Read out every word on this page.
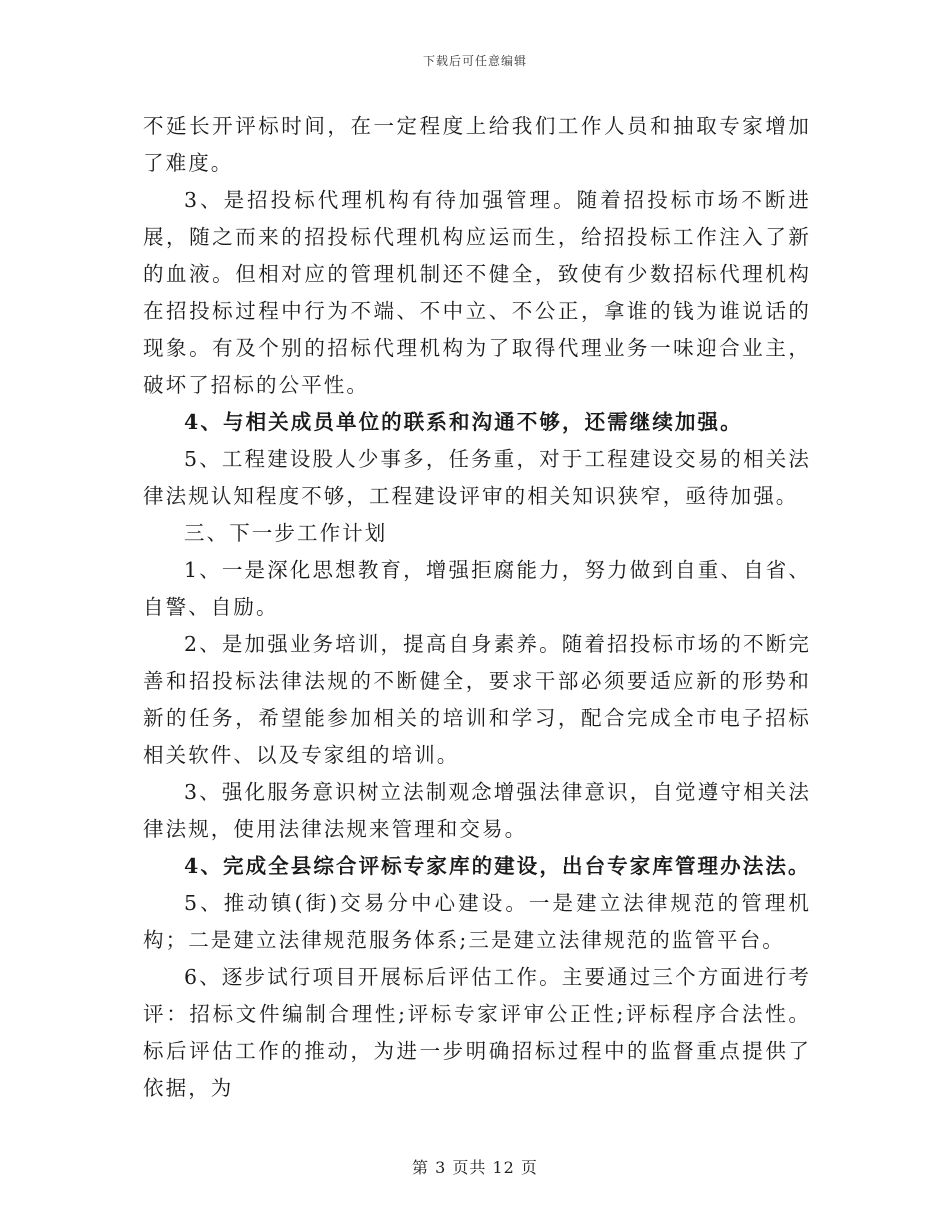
下载后可任意编辑

不延长开评标时间，在一定程度上给我们工作人员和抽取专家增加了难度。

3、是招投标代理机构有待加强管理。随着招投标市场不断进展，随之而来的招投标代理机构应运而生，给招投标工作注入了新的血液。但相对应的管理机制还不健全，致使有少数招标代理机构在招投标过程中行为不端、不中立、不公正，拿谁的钱为谁说话的现象。有及个别的招标代理机构为了取得代理业务一味迎合业主，破坏了招标的公平性。

4、与相关成员单位的联系和沟通不够，还需继续加强。

5、工程建设股人少事多，任务重，对于工程建设交易的相关法律法规认知程度不够，工程建设评审的相关知识狭窄，亟待加强。

三、下一步工作计划

1、一是深化思想教育，增强拒腐能力，努力做到自重、自省、自警、自励。

2、是加强业务培训，提高自身素养。随着招投标市场的不断完善和招投标法律法规的不断健全，要求干部必须要适应新的形势和新的任务，希望能参加相关的培训和学习，配合完成全市电子招标相关软件、以及专家组的培训。

3、强化服务意识树立法制观念增强法律意识，自觉遵守相关法律法规，使用法律法规来管理和交易。

4、完成全县综合评标专家库的建设，出台专家库管理办法法。

5、推动镇(街)交易分中心建设。一是建立法律规范的管理机构；二是建立法律规范服务体系;三是建立法律规范的监管平台。

6、逐步试行项目开展标后评估工作。主要通过三个方面进行考评：招标文件编制合理性;评标专家评审公正性;评标程序合法性。标后评估工作的推动，为进一步明确招标过程中的监督重点提供了依据，为

第 3 页共 12 页
